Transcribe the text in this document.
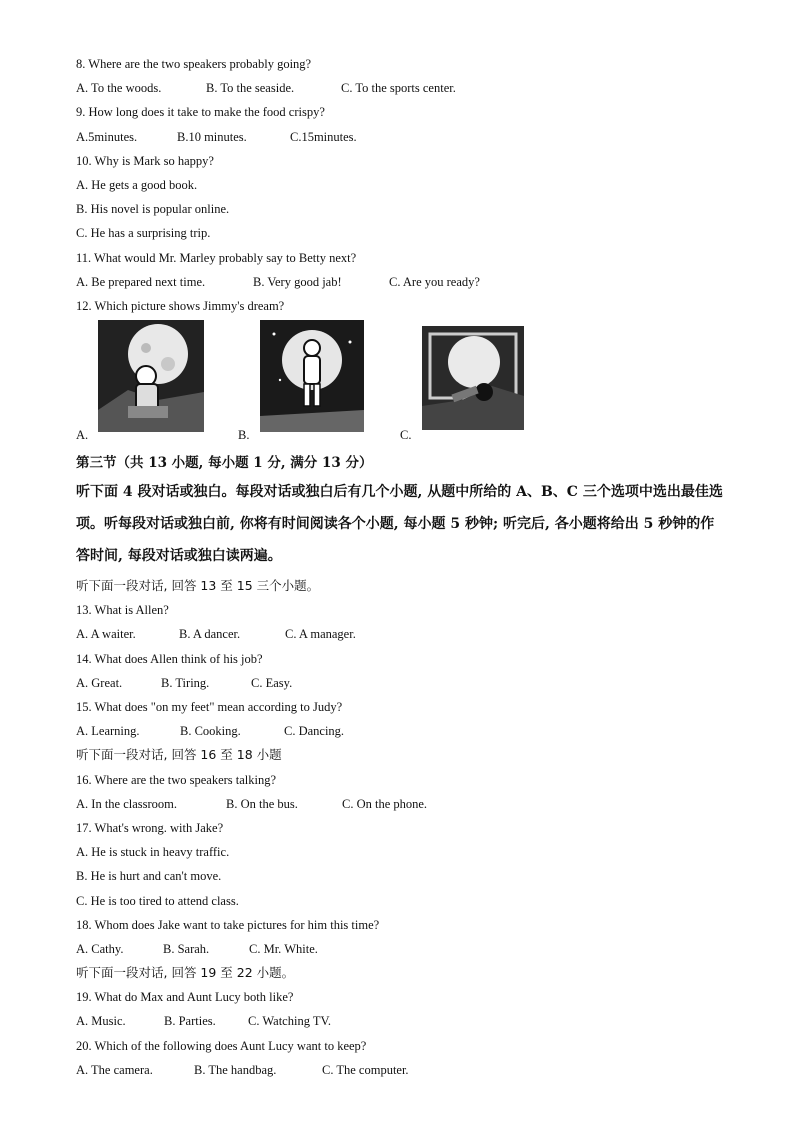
8. Where are the two speakers probably going?
A. To the woods.	B. To the seaside.	C. To the sports center.
9. How long does it take to make the food crispy?
A.5minutes.	B.10 minutes.	C.15minutes.
10. Why is Mark so happy?
A. He gets a good book.
B. His novel is popular online.
C. He has a surprising trip.
11. What would Mr. Marley probably say to Betty next?
A. Be prepared next time.	B. Very good jab!	C. Are you ready?
12. Which picture shows Jimmy's dream?
A.	B.	C.
第三节（共 13 小题, 每小题 1 分, 满分 13 分）
听下面 4 段对话或独白。每段对话或独白后有几个小题, 从题中所给的 A、B、C 三个选项中选出最佳选项。听每段对话或独白前, 你将有时间阅读各个小题, 每小题 5 秒钟; 听完后, 各小题将给出 5 秒钟的作答时间, 每段对话或独白读两遍。
听下面一段对话, 回答 13 至 15 三个小题。
13. What is Allen?
A. A waiter.	B. A dancer.	C. A manager.
14. What does Allen think of his job?
A. Great.	B. Tiring.	C. Easy.
15. What does "on my feet" mean according to Judy?
A. Learning.	B. Cooking.	C. Dancing.
听下面一段对话, 回答 16 至 18 小题
16. Where are the two speakers talking?
A. In the classroom.	B. On the bus.	C. On the phone.
17. What's wrong. with Jake?
A. He is stuck in heavy traffic.
B. He is hurt and can't move.
C. He is too tired to attend class.
18. Whom does Jake want to take pictures for him this time?
A. Cathy.	B. Sarah.	C. Mr. White.
听下面一段对话, 回答 19 至 22 小题。
19. What do Max and Aunt Lucy both like?
A. Music.	B. Parties.	C. Watching TV.
20. Which of the following does Aunt Lucy want to keep?
A. The camera.	B. The handbag.	C. The computer.
